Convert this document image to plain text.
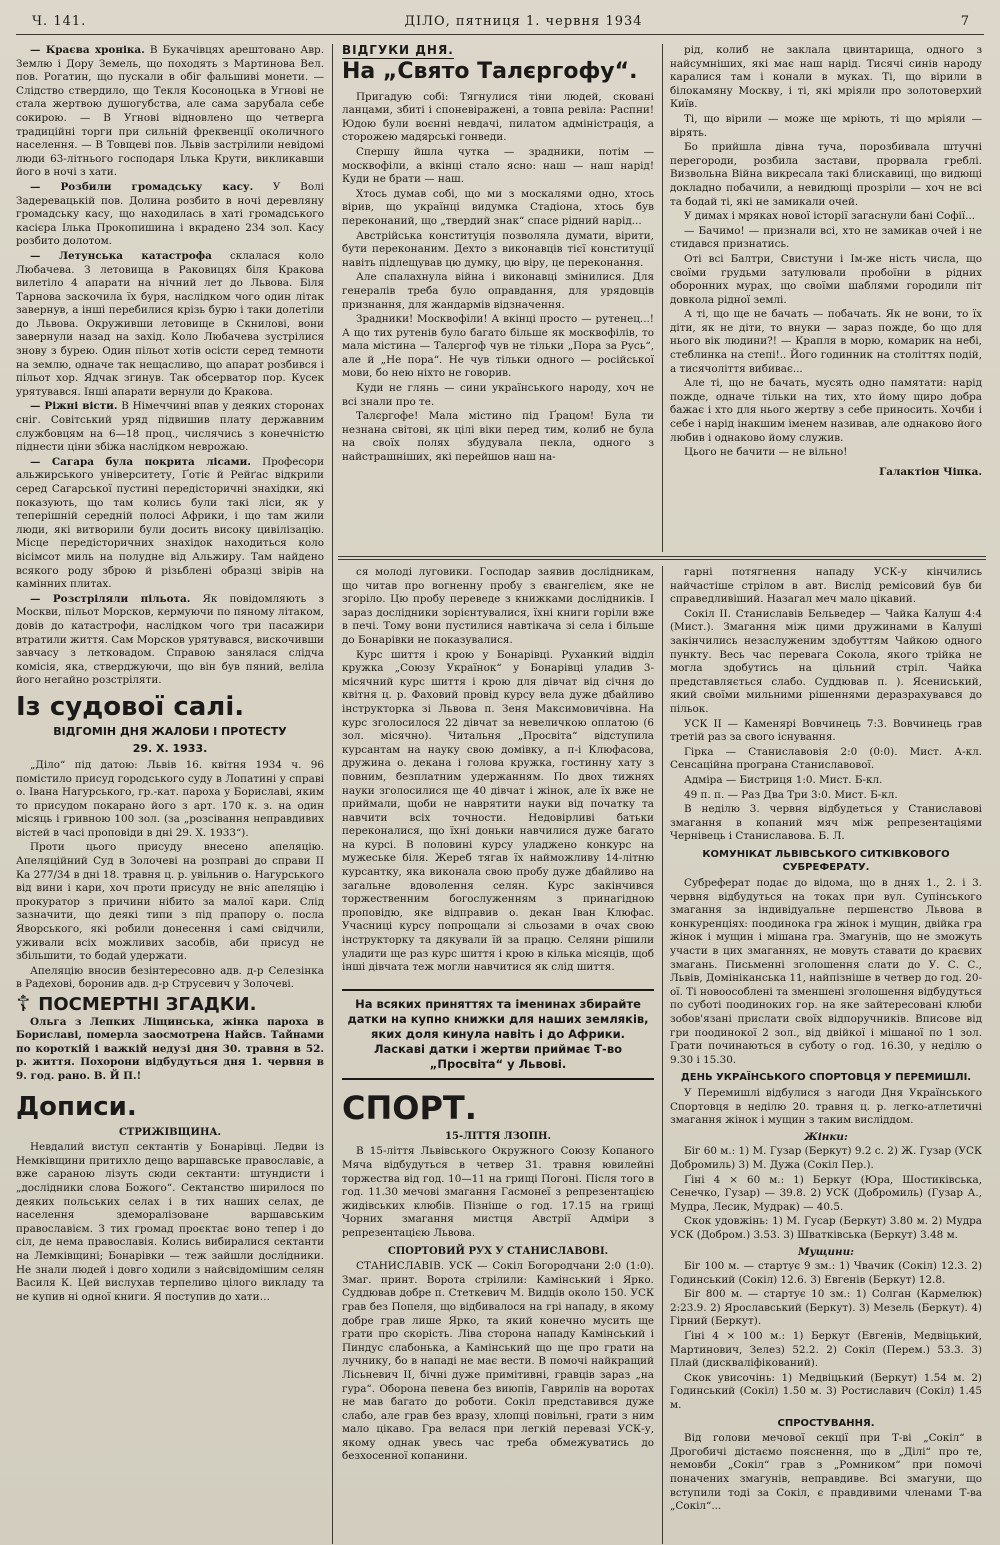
Ч. 141.	ДІЛО, пятниця 1. червня 1934	7

— Краєва хроніка. В Букачівцях арештовано Авр. Землю і Дору Земель, що походять з Мартинова Вел. пов. Рогатин, що пускали в обіг фальшиві монети. — Слідство ствердило, що Текля Косоноцька в Угнові не стала жертвою душогубства, але сама зарубала себе сокирою. — В Угнові відновлено що четверга традиційні торги при сильній фреквенції околичного населення. — В Товщеві пов. Львів застрілили невідомі люди 63-літнього господаря Ілька Крути, викликавши його в ночі з хати.

— Розбили громадську касу. У Волі Задеревацькій пов. Долина розбито в ночі деревляну громадську касу, що находилась в хаті громадського касієра Ілька Прокопишина і вкрадено 234 зол. Касу розбито долотом.

— Летунська катастрофа склалася коло Любачева. З летовища в Раковицях біля Кракова вилетіло 4 апарати на нічний лет до Львова. Біля Тарнова заскочила їх буря, наслідком чого один літак завернув, а інші перебилися крізь бурю і таки долетіли до Львова. Окруживши летовище в Скнилові, вони завернули назад на захід. Коло Любачева зустрілися знову з бурею. Один пільот хотів осісти серед темноти на землю, одначе так нещасливо, що апарат розбився і пільот хор. Ядчак згинув. Так обсерватор пор. Кусек урятувався. Інші апарати вернули до Кракова.

— Ріжні вісти. В Німеччині впав у деяких сторонах сніг. Совітський уряд підвишив платy державним службовцям на 6—18 проц., числячись з конечністю піднести ціни збіжа наслідком неврожаю.

— Сагара була покрита лісами. Професори альжирського університету, Ґотіє й Рейґас відкрили серед Сагарської пустині передісторичні знахідки, які показують, що там колись були такі ліси, як у теперішній середній полосі Африки, і що там жили люди, які витворили були досить високу цивілізацію. Місце передісторичних знахідок находиться коло вісімсот миль на полудне від Альжиру. Там найдено всякого роду зброю й різьблені образці звірів на камінних плитах.

— Розстріляли пільота. Як повідомляють з Москви, пільот Морсков, кермуючи по пяному літаком, довів до катастрофи, наслідком чого три пасажири втратили життя. Сам Морсков урятувався, вискочивши завчасу з летковадом. Справою занялася слідча комісія, яка, стверджуючи, що він був пяний, веліла його негайно розстріляти.

Із судової салі.
ВІДГОМІН ДНЯ ЖАЛОБИ І ПРОТЕСТУ
29. Х. 1933.

„Діло“ під датою: Львів 16. квітня 1934 ч. 96 помістило присуд городського суду в Лопатині у справі о. Івана Нагурського, гр.-кат. пароха у Бориславі, яким то присудом покарано його з арт. 170 к. з. на один місяць і гривною 100 зол. (за „розсівання неправдивих вістей в часі проповіди в дні 29. Х. 1933“).

Проти цього присуду внесено апеляцію. Апеляційний Суд в Золочеві на розправі до справи ІІ Ка 277/34 в дні 18. травня ц. р. увільнив о. Нагурського від вини і кари, хоч проти присуду не вніс апеляцію і прокуратор з причини нібито за малої кари. Слід зазначити, що деякі типи з під прапору о. посла Яворського, які робили донесення і самі свідчили, уживали всіх можливих засобів, аби присуд не збільшити, то бодай удержати.

Апеляцію вносив безінтересовно адв. д-р Селезінка в Радехові, боронив адв. д-р Струсевич у Золочеві.

☦ ПОСМЕРТНІ ЗГАДКИ.

Ольга з Лепких Ліщинська, жінка пароха в Бориславі, померла заосмотрена Найсв. Тайнами по короткій і важкій недузі дня 30. травня в 52. р. життя. Похорони відбудуться дня 1. червня в 9. год. рано. В. Й П.!

Дописи.
СТРИЖІВЩИНА.

Невдалий виступ сектантів у Бонарівці. Ледви із Немківщини притихло дещо варшавське православіє, а вже сараною лізуть сюди сектанти: штундисти і „дослідники слова Божого“. Сектанство ширилося по деяких польських селах і в тих наших селах, де населення здеморалізоване варшавським православієм. З тих громад проєктає воно тепер і до сіл, де нема православія. Колись вибиралися сектанти на Лемківщині; Бонарівки — теж зайшли дослідники. Не знали людей і довго ходили з найсвідомішим селян Василя К. Цей вислухав терпеливо цілого викладу та не купив ні одної книги. Я поступив до хати…

ВІДГУКИ ДНЯ.
На „Свято Талєргофу“.

Пригадую собі: Тягнулися тіни людей, сковані ланцами, збиті і споневіражені, а товпа ревіла: Распни! Юдою були воєнні невдачі, пилатом адміністрація, а сторожею мадярські гонведи.

Спершу йшла чутка — зрадники, потім — москвофіли, а вкінці стало ясно: наш — наш нарід! Куди не брати — наш.

Хтось думав собі, що ми з москалями одно, хтось вірив, що українці видумка Стадіона, хтось був переконаний, що „твердий знак“ спасе рідний нарід...

Австрійська конституція позволяла думати, вірити, бути переконаним. Дехто з виконавців тієї конституції навіть підлещував цю думку, цю віру, це переконання.

Але спалахнула війна і виконавці змінилися. Для генералів треба було оправдання, для урядовців признання, для жандармів відзначення.

Зрадники! Москвофіли! А вкінці просто — рутенец...! А що тих рутенів було багато більше як москвофілів, то мала містина — Талєргоф чув не тільки „Пора за Русь“, але й „Не пора“. Не чув тільки одного — російської мови, бо нею ніхто не говорив.

Куди не глянь — сини українського народу, хоч не всі знали про те.

Талєргофе! Мала містино під Ґрацом! Була ти незнана світові, як цілі віки перед тим, колиб не була на своїх полях збудувала пекла, одного з найстрашніших, які перейшов наш на-

рід, колиб не заклала цвинтарища, одного з найсумніших, які має наш нарід. Тисячі синів народу каралися там і конали в муках. Ті, що вірили в білокамяну Москву, і ті, які мріяли про золотоверхий Київ.

Ті, що вірили — може ще мріють, ті що мріяли — вірять.

Бо прийшла дівна туча, порозбивала штучні перегороди, розбила застави, прорвала греблі. Визвольна Війна викресала такі блискавиці, що видющі докладно побачили, а невидющі прозріли — хоч не всі та бодай ті, які не замикали очей.

У димах і мряках нової історії загаснули бані Софії...

— Бачимо! — признали всі, хто не замикав очей і не стидався признатись.

Оті всі Балтри, Свистуни і Ім-же ність числа, що своїми грудьми затулювали пробоїни в рідних оборонних мурах, що своїми шаблями городили піт довкола рідної землі.

А ті, що ще не бачать — побачать. Як не вони, то їх діти, як не діти, то внуки — зараз пожде, бо що для нього вік людини?! — Крапля в морю, комарик на небі, стеблинка на степі!.. Його годинник на століттях подій, а тисячоліття вибиває...

Але ті, що не бачать, мусять одно памятати: нарід пожде, одначе тільки на тих, хто йому щиро добра бажає і хто для нього жертву з себе приносить. Хочби і себе і нарід інакшим іменем називав, але однаково його любив і однаково йому служив.

Цього не бачити — не вільно!

Галактіон Чіпка.

ся молоді луговики. Господар заявив дослідникам, що читав про вогненну пробу з євангелієм, яке не згоріло. Цю пробу переведе з книжками дослідників. І зараз дослідники зорієнтувалися, їхні книги горіли вже в печі. Тому вони пустилися навтікача зі села і більше до Бонарівки не показувалися.

Курс шиття і крою у Бонарівці. Руханкий відділ кружка „Союзу Українок“ у Бонарівці уладив 3-місячний курс шиття і крою для дівчат від січня до квітня ц. р. Фаховий провід курсу вела дуже дбайливо інструкторка зі Львова п. Зеня Максимовичівна. На курс зголосилося 22 дівчат за невеличкою оплатою (6 зол. місячно). Читальня „Просвіта“ відступила курсантам на науку свою домівку, а п-і Клюфасова, дружина о. декана і голова кружка, гостинну хату з повним, безплатним удержанням. По двох тижнях науки зголосилися ще 40 дівчат і жінок, але їх вже не приймали, щоби не наврятити науки від початку та навчити всіх точности. Недовірливі батьки переконалися, що їхні доньки навчилися дуже багато на курсі. В половині курсу уладжено конкурс на мужеське біля. Жереб тягав їх найможливу 14-літню курсантку, яка виконала свою пробу дуже дбайливо на загальне вдоволення селян. Курс закінчився торжественним богослуженням з принагідною проповідю, яке відправив о. декан Іван Клюфас. Учасниці курсу попрощали зі сльозами в очах свою інструкторку та дякували їй за працю. Селяни рішили уладити ще раз курс шиття і крою в кілька місяців, щоб інші дівчата теж могли навчитися як слід шиття.

На всяких приняттях та іменинах збирайте датки на купно книжки для наших земляків, яких доля кинула навіть і до Африки. Ласкаві датки і жертви приймає Т-во „Просвіта“ у Львові.
СПОРТ.
15-ЛІТТЯ ЛЗОПН.

В 15-ліття Львівського Окружного Союзу Копаного Мяча відбудуться в четвер 31. травня ювилейні торжества від год. 10—11 на грищі Погоні. Після того в год. 11.30 мечові змагання Гасмонеї з репрезентацією жидівських клюбів. Пізніше о год. 17.15 на грищі Чорних змагання мистця Австрії Адміри з репрезентацією Львова.

СПОРТОВИЙ РУХ У СТАНИСЛАВОВІ.

СТАНИСЛАВІВ. УСК — Сокіл Богородчани 2:0 (1:0). Змаг. принт. Ворота стрілили: Камінський і Ярко. Суддював добре п. Стеткевич М. Видців около 150. УСК грав без Попеля, що відбивалося на грі нападу, в якому добре грав лише Ярко, та який конечно мусить ще грати про скорість. Ліва сторона нападу Камінський і Пиндус слабонька, а Камінський що ще про грати на лучнику, бо в нападі не має вести. В помочі найкращий Лісьневич ІІ, бічні дуже примітивні, гравців зараз „на гура“. Оборона певена без виюпів, Гаврилів на воротах не мав багато до роботи. Сокіл представився дуже слабо, але грав без вразу, хлопці повільні, грати з ним мало цікаво. Гра велася при легкій перевазі УСК-у, якому однак увесь час треба обмежуватись до безхосенної копанини.

гарні потягнення нападу УСК-у кінчились найчастіше стрілом в авт. Вислід ремісовий був би справедливіший. Назагал меч мало цікавий.

Сокіл ІІ. Станиславів Бельведер — Чайка Калуш 4:4 (Мист.). Змагання між цими дружинами в Калуші закінчились незаслуженим здобуттям Чайкою одного пункту. Весь час перевага Сокола, якого трійка не могла здобутись на цільний стріл. Чайка представляється слабо. Суддював п. ). Ясениський, який своїми мильними рішеннями деразрахувався до пільок.

УСК ІІ — Каменярі Вовчинець 7:3. Вовчинець грав третій раз за свого існування.

Гірка — Станиславовія 2:0 (0:0). Мист. А-кл. Сенсаційна програна Станиславової.

Адміра — Бистриця 1:0. Мист. Б-кл.

49 п. п. — Раз Два Три 3:0. Мист. Б-кл.

В неділю 3. червня відбудеться у Станиславові змагання в копаний мяч між репрезентаціями Чернівець і Станиславова. Б. Л.

КОМУНІКАТ ЛЬВІВСЬКОГО СИТКІВКОВОГО СУБРЕФЕРАТУ.

Субреферат подає до відома, що в днях 1., 2. і 3. червня відбудуться на токах при вул. Супінського змагання за індивідуальне першенство Львова в конкуренціях: поодинока гра жінок і мущин, двійка гра жінок і мущин і мішана гра. Змагунів, що не зможуть участи в цих змаганнях, не мовуть ставати до краєвих змагань. Письменні зголошення слати до У. С. С., Львів, Домініканська 11, найпізніше в четвер до год. 20-ої. Ті новоособлені та зменшені зголошення відбудуться по суботі поодиноких гор. на яке зайтересовані клюби зобов'язані прислати своїх відпоручників. Вписове від гри поодинокої 2 зол., від двійкої і мішаної по 1 зол. Грати починаються в суботу о год. 16.30, у неділю о 9.30 і 15.30.

ДЕНЬ УКРАЇНСЬКОГО СПОРТОВЦЯ У ПЕРЕМИШЛІ.

У Перемишлі відбулися з нагоди Дня Українського Спортовця в неділю 20. травня ц. р. легко-атлетичні змагання жінок і мущин з таким висліддом.

Жінки:

Біг 60 м.: 1) М. Гузар (Беркут) 9.2 с. 2) Ж. Гузар (УСК Добромиль) 3) М. Дужа (Сокіл Пер.).

Ґіні 4 × 60 м.: 1) Беркут (Юра, Шостиківська, Сенечко, Гузар) — 39.8. 2) УСК (Добромиль) (Гузар А., Мудра, Лесик, Мудрак) — 40.5.

Скок удовжінь: 1) М. Гусар (Беркут) 3.80 м. 2) Мудра УСК (Добром.) 3.53. 3) Шватківська (Беркут) 3.48 м.

Мущини:

Біг 100 м. — стартує 9 зм.: 1) Чвачик (Сокіл) 12.3. 2) Годинський (Сокіл) 12.6. 3) Евгенів (Беркут) 12.8.

Біг 800 м. — стартує 10 зм.: 1) Солган (Кармелюк) 2:23.9. 2) Ярославський (Беркут). 3) Мезель (Беркут). 4) Гірний (Беркут).

Ґіні 4 × 100 м.: 1) Беркут (Евгенів, Медвіцький, Мартинович, Зелез) 52.2. 2) Сокіл (Перем.) 53.3. 3) Плай (дискваліфікований).

Скок увисочінь: 1) Медвіцький (Беркут) 1.54 м. 2) Годинський (Сокіл) 1.50 м. 3) Ростиславич (Сокіл) 1.45 м.

СПРОСТУВАННЯ.

Від голови мечової секції при Т-ві „Сокіл“ в Дрогобичі дістаємо пояснення, що в „Ділі“ про те, немовби „Сокіл“ грав з „Ромником“ при помочі поначених змагунів, неправдиве. Всі змагуни, що вступили тоді за Сокіл, є правдивими членами Т-ва „Сокіл“...
